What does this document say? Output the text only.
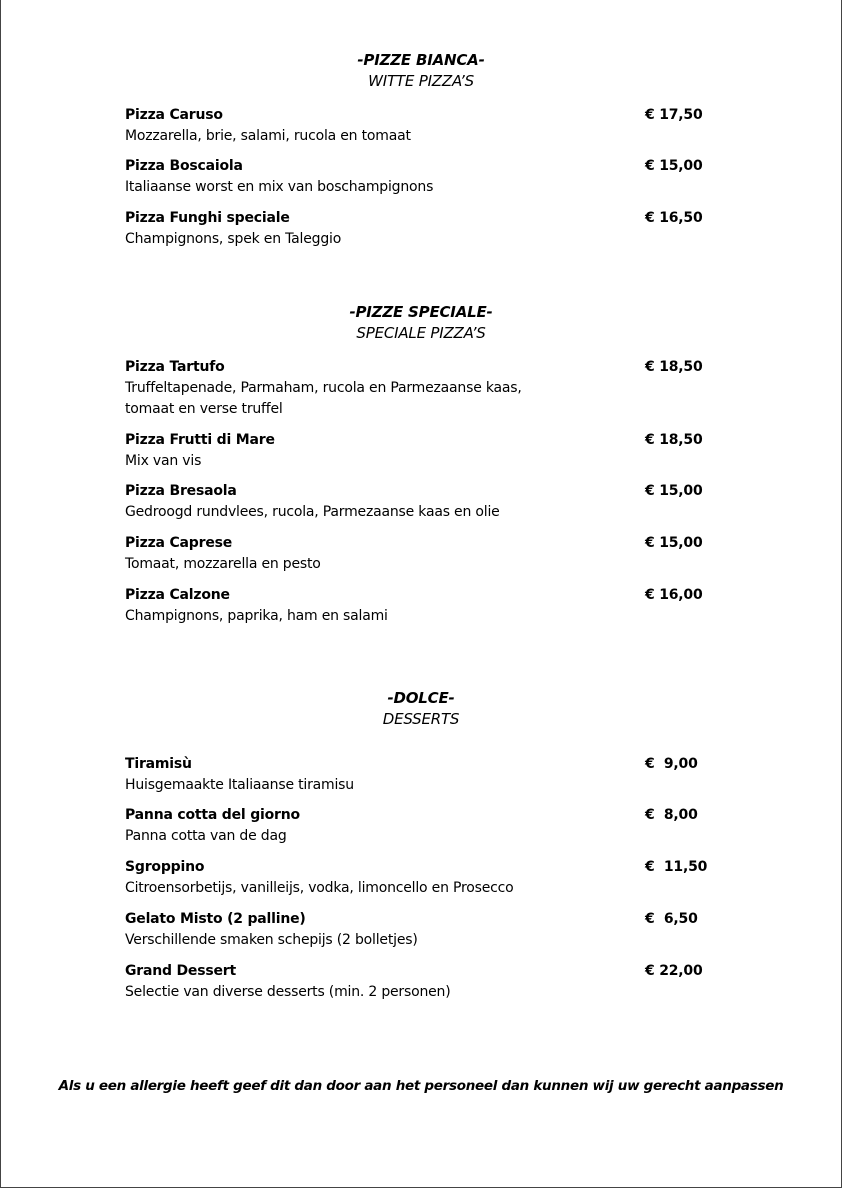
-PIZZE BIANCA-
WITTE PIZZA’S
Pizza Caruso
Mozzarella, brie, salami, rucola en tomaat
€ 17,50
Pizza Boscaiola
Italiaanse worst en mix van boschampignons
€ 15,00
Pizza Funghi speciale
Champignons, spek en Taleggio
€ 16,50
-PIZZE SPECIALE-
SPECIALE PIZZA’S
Pizza Tartufo
Truffeltapenade, Parmaham, rucola en Parmezaanse kaas, tomaat en verse truffel
€ 18,50
Pizza Frutti di Mare
Mix van vis
€ 18,50
Pizza Bresaola
Gedroogd rundvlees, rucola, Parmezaanse kaas en olie
€ 15,00
Pizza Caprese
Tomaat, mozzarella en pesto
€ 15,00
Pizza Calzone
Champignons, paprika, ham en salami
€ 16,00
-DOLCE-
DESSERTS
Tiramisù
Huisgemaakte Italiaanse tiramisu
€  9,00
Panna cotta del giorno
Panna cotta van de dag
€  8,00
Sgroppino
Citroensorbetijs, vanilleijs, vodka, limoncello en Prosecco
€  11,50
Gelato Misto (2 palline)
Verschillende smaken schepijs (2 bolletjes)
€  6,50
Grand Dessert
Selectie van diverse desserts (min. 2 personen)
€ 22,00
Als u een allergie heeft geef dit dan door aan het personeel dan kunnen wij uw gerecht aanpassen
